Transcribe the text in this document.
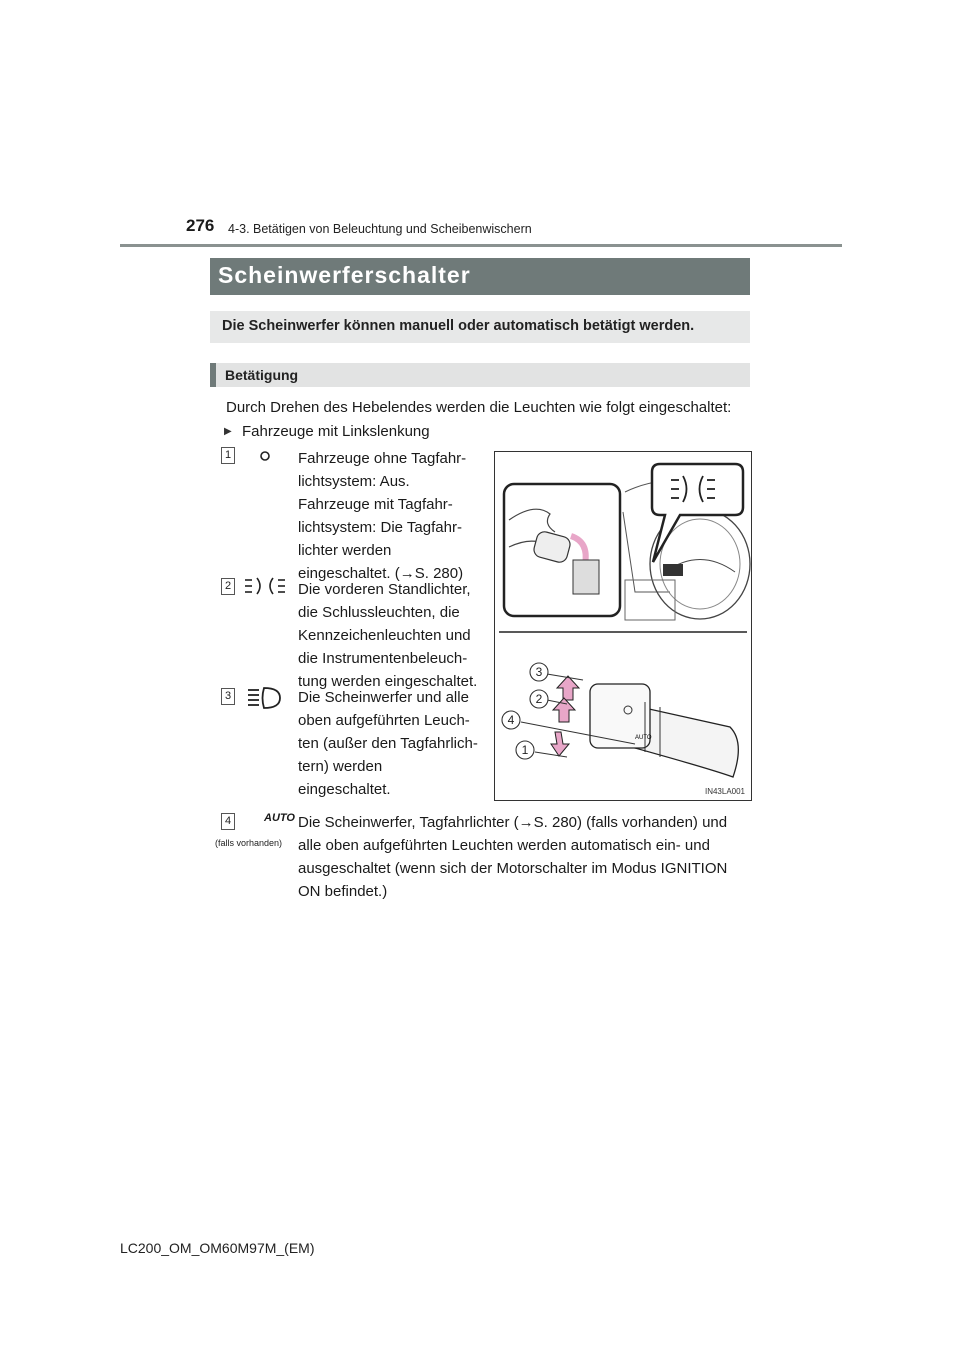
276 4-3. Betätigen von Beleuchtung und Scheibenwischern
Scheinwerferschalter
Die Scheinwerfer können manuell oder automatisch betätigt werden.
Betätigung
Durch Drehen des Hebelendes werden die Leuchten wie folgt eingeschaltet:
▶ Fahrzeuge mit Linkslenkung
1	Fahrzeuge ohne Tagfahr-
lichtsystem: Aus.
Fahrzeuge mit Tagfahr-
lichtsystem: Die Tagfahr-
lichter werden
eingeschaltet. (→S. 280)
2	Die vorderen Standlichter,
die Schlussleuchten, die
Kennzeichenleuchten und
die Instrumentenbeleuch-
tung werden eingeschaltet.
3	Die Scheinwerfer und alle
oben aufgeführten Leuch-
ten (außer den Tagfahrlich-
tern) werden
eingeschaltet.
4	AUTO
(falls vorhanden)
Die Scheinwerfer, Tagfahrlichter (→S. 280) (falls vorhanden) und
alle oben aufgeführten Leuchten werden automatisch ein- und
ausgeschaltet (wenn sich der Motorschalter im Modus IGNITION
ON befindet.)
AUTO
3
2
4
1
IN43LA001
LC200_OM_OM60M97M_(EM)
